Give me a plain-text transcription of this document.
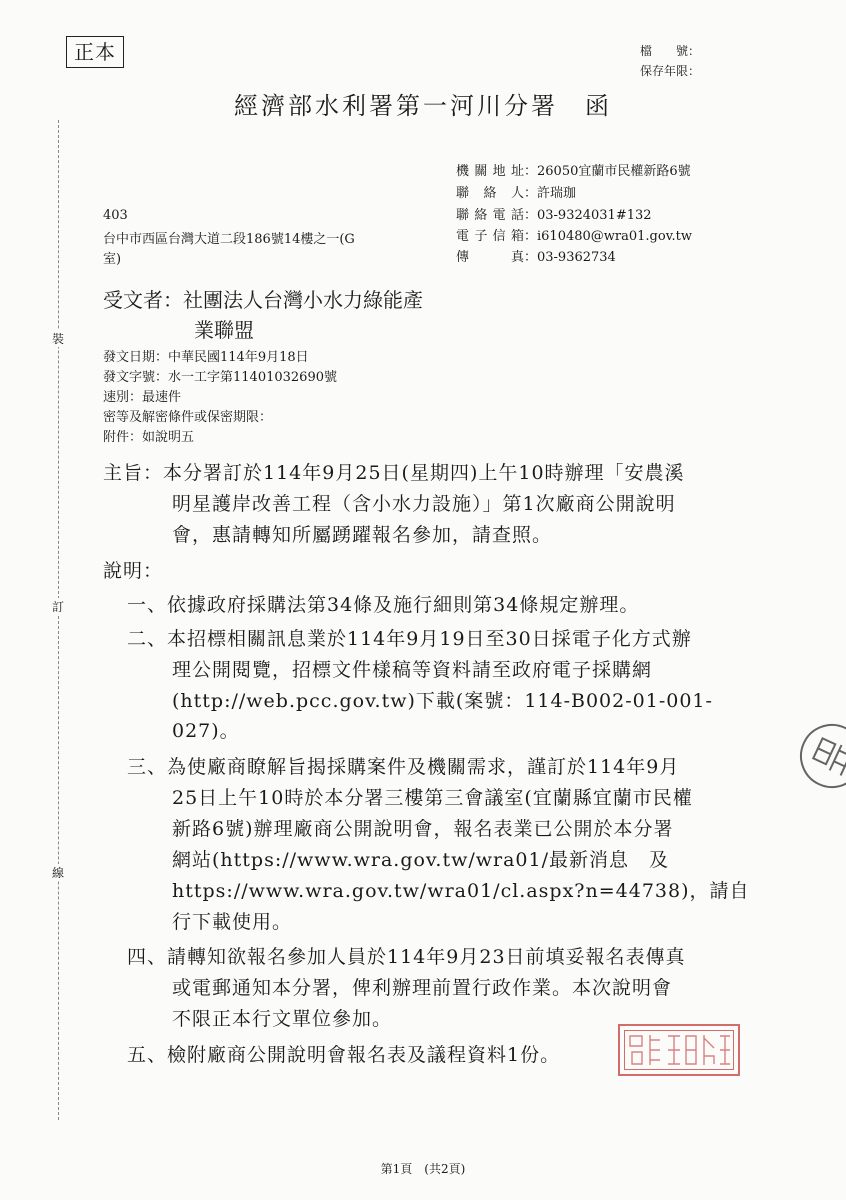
裝
訂
線
正本	檔　　號：
保存年限：
經濟部水利署第一河川分署　函
機關地址：26050宜蘭市民權新路6號
聯絡人：許瑞珈
聯絡電話：03-9324031#132
電子信箱：i610480@wra01.gov.tw
傳真：03-9362734
403
台中市西區台灣大道二段186號14樓之一(G
室)
受文者：社團法人台灣小水力綠能產
業聯盟
發文日期：中華民國114年9月18日
發文字號：水一工字第11401032690號
速別：最速件
密等及解密條件或保密期限：
附件：如說明五
主旨：本分署訂於114年9月25日(星期四)上午10時辦理「安農溪
明星護岸改善工程（含小水力設施）」第1次廠商公開說明
會，惠請轉知所屬踴躍報名參加，請查照。
說明：
一、依據政府採購法第34條及施行細則第34條規定辦理。
二、本招標相關訊息業於114年9月19日至30日採電子化方式辦
理公開閱覽，招標文件樣稿等資料請至政府電子採購網
(http://web.pcc.gov.tw)下載(案號：114-B002-01-001-
027)。
三、為使廠商瞭解旨揭採購案件及機關需求，謹訂於114年9月
25日上午10時於本分署三樓第三會議室(宜蘭縣宜蘭市民權
新路6號)辦理廠商公開說明會，報名表業已公開於本分署
網站(https://www.wra.gov.tw/wra01/最新消息　及
https://www.wra.gov.tw/wra01/cl.aspx?n=44738)，請自
行下載使用。
四、請轉知欲報名參加人員於114年9月23日前填妥報名表傳真
或電郵通知本分署，俾利辦理前置行政作業。本次說明會
不限正本行文單位參加。
五、檢附廠商公開說明會報名表及議程資料1份。
第1頁　(共2頁)
